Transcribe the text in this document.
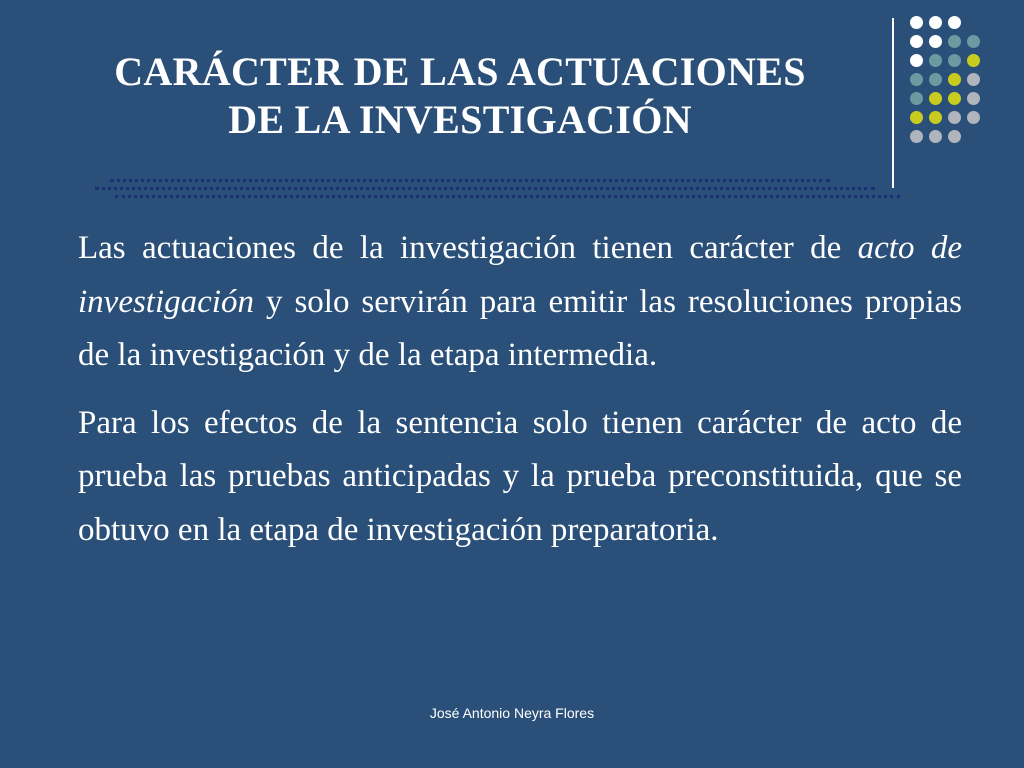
CARÁCTER DE LAS ACTUACIONES
DE LA INVESTIGACIÓN

Las actuaciones de la investigación tienen carácter de acto de investigación y solo servirán para emitir las resoluciones propias de la investigación y de la etapa intermedia.

Para los efectos de la sentencia solo tienen carácter de acto de prueba las pruebas anticipadas y la prueba preconstituida, que se obtuvo en la etapa de investigación preparatoria.

José Antonio Neyra Flores
